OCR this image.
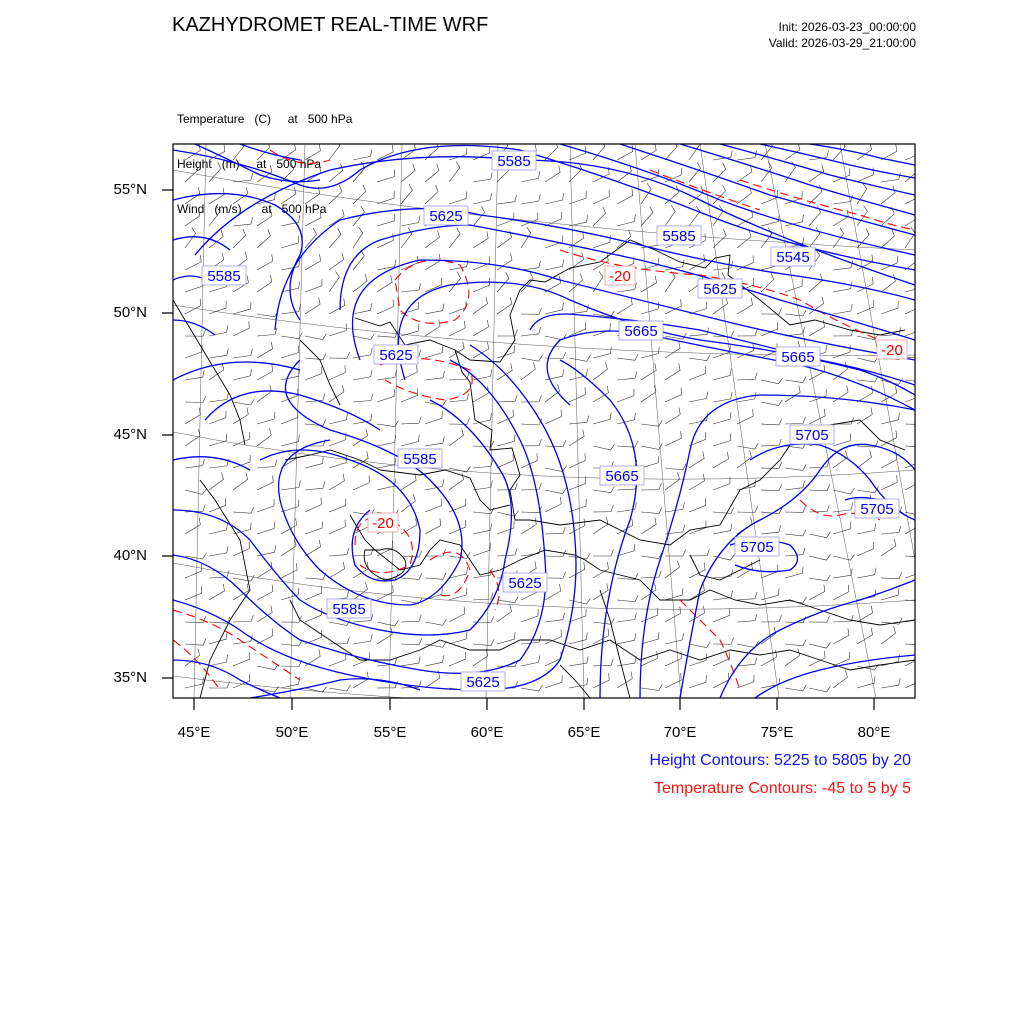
KAZHYDROMET REAL-TIME WRF	Init: 2026-03-23_00:00:00
Valid: 2026-03-29_21:00:00

Temperature   (C)     at   500 hPa

Height   (m)     at   500 hPa

Wind   (m/s)      at   500 hPa

5585
5625
5585
5585
5625
5545
5625
5665
5665
5705
5585
5665
5705
5705
5625
5585
5625
-20
-20
-20
55°N
50°N
45°N
40°N
35°N
45°E	50°E	55°E	60°E	65°E	70°E	75°E	80°E
Height Contours: 5225 to 5805 by 20
Temperature Contours: -45 to 5 by 5
